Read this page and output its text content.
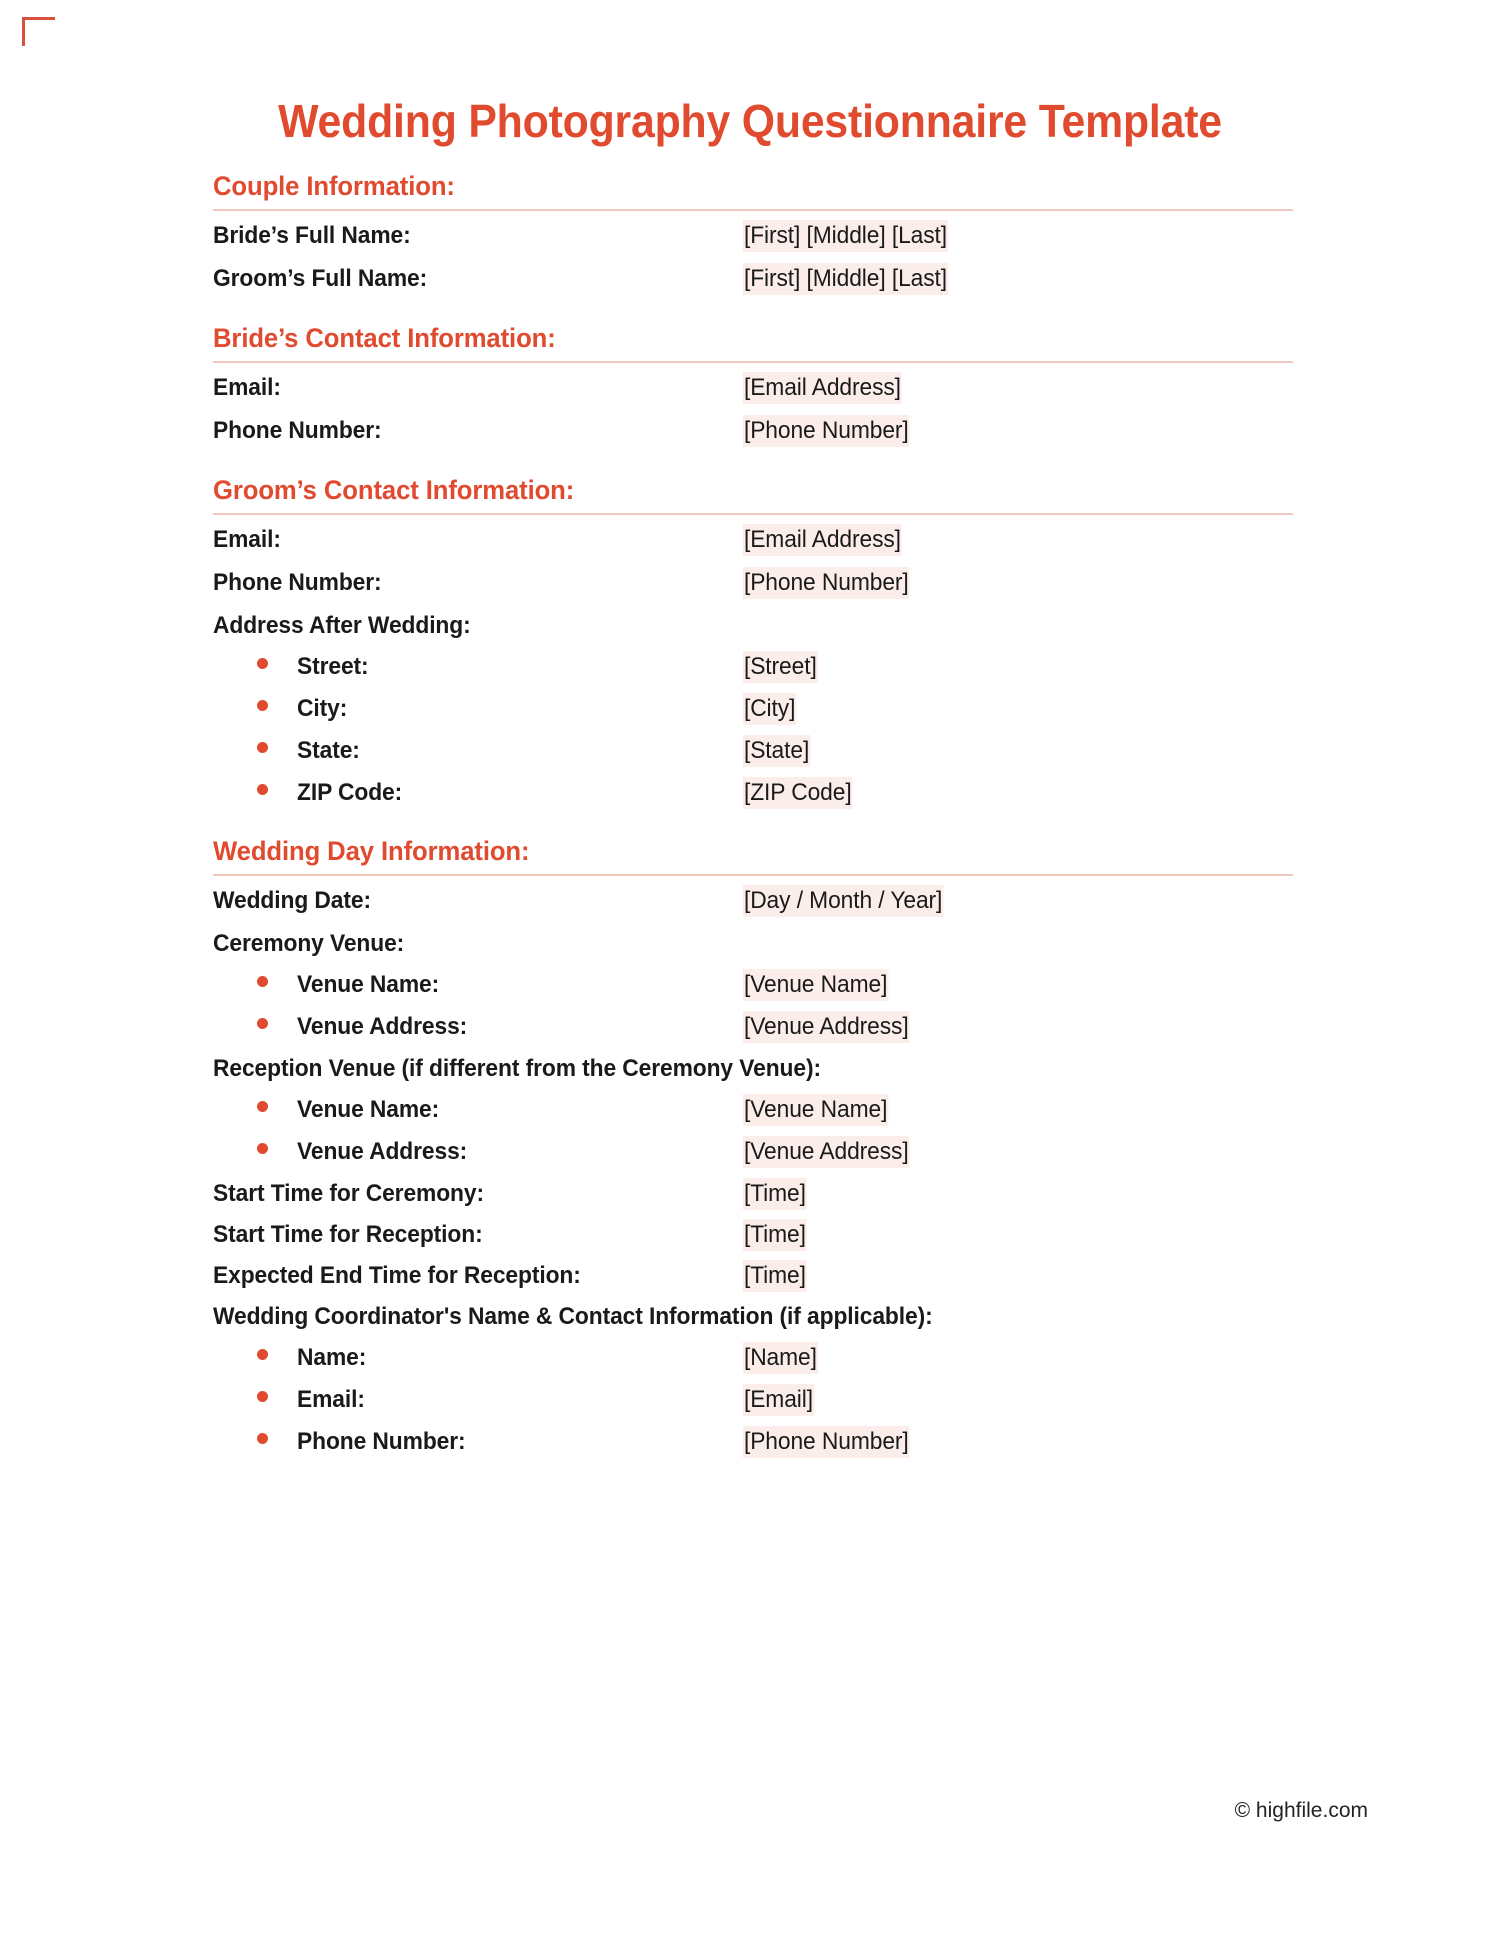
Wedding Photography Questionnaire Template
Couple Information:
Bride’s Full Name:	[First] [Middle] [Last]
Groom’s Full Name:	[First] [Middle] [Last]
Bride’s Contact Information:
Email:	[Email Address]
Phone Number:	[Phone Number]
Groom’s Contact Information:
Email:	[Email Address]
Phone Number:	[Phone Number]
Address After Wedding:
Street:	[Street]
City:	[City]
State:	[State]
ZIP Code:	[ZIP Code]
Wedding Day Information:
Wedding Date:	[Day / Month / Year]
Ceremony Venue:
Venue Name:	[Venue Name]
Venue Address:	[Venue Address]
Reception Venue (if different from the Ceremony Venue):
Venue Name:	[Venue Name]
Venue Address:	[Venue Address]
Start Time for Ceremony:	[Time]
Start Time for Reception:	[Time]
Expected End Time for Reception:	[Time]
Wedding Coordinator's Name & Contact Information (if applicable):
Name:	[Name]
Email:	[Email]
Phone Number:	[Phone Number]
© highfile.com
